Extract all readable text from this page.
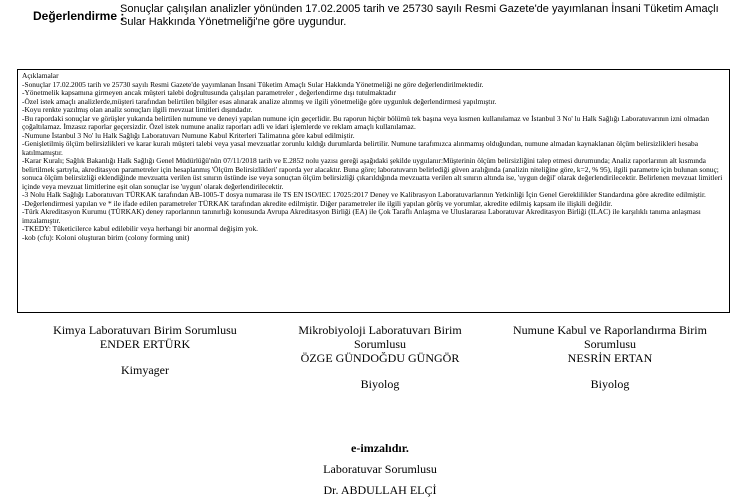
Değerlendirme :
Sonuçlar çalışılan analizler yönünden 17.02.2005 tarih ve 25730 sayılı Resmi Gazete'de yayımlanan İnsani Tüketim Amaçlı Sular Hakkında Yönetmeliği'ne göre uygundur.
Açıklamalar
-Sonuçlar 17.02.2005 tarih ve 25730 sayılı Resmi Gazete'de yayımlanan İnsani Tüketim Amaçlı Sular Hakkında Yönetmeliği ne göre değerlendirilmektedir.
-Yönetmelik kapsamına girmeyen ancak müşteri talebi doğrultusunda çalışılan parametreler , değerlendirme dışı tutulmaktadır
-Özel istek amaçlı analizlerde,müşteri tarafından belirtilen bilgiler esas alınarak analize alınmış ve ilgili yönetmeliğe göre uygunluk değerlendirmesi yapılmıştır.
-Koyu renkte yazılmış olan analiz sonuçları ilgili mevzuat limitleri dışındadır.
-Bu rapordaki sonuçlar ve görüşler yukarıda belirtilen numune ve deneyi yapılan numune için geçerlidir. Bu raporun hiçbir bölümü tek başına veya kısmen kullanılamaz ve İstanbul 3 No' lu Halk Sağlığı Laboratuvarının izni olmadan çoğaltılamaz. İmzasız raporlar geçersizdir. Özel istek numune analiz raporları adli ve idari işlemlerde ve reklam amaçlı kullanılamaz.
-Numune İstanbul 3 No' lu Halk Sağlığı Laboratuvarı Numune Kabul Kriterleri Talimatına göre kabul edilmiştir.
-Genişletilmiş ölçüm belirsizlikleri ve karar kuralı müşteri talebi veya yasal mevzuatlar zorunlu kıldığı durumlarda belirtilir. Numune tarafımızca alınmamış olduğundan, numune almadan kaynaklanan ölçüm belirsizlikleri hesaba katılmamıştır.
-Karar Kuralı; Sağlık Bakanlığı Halk Sağlığı Genel Müdürlüğü'nün 07/11/2018 tarih ve E.2852 nolu yazısı gereği aşağıdaki şekilde uygulanır:Müşterinin ölçüm belirsizliğini talep etmesi durumunda; Analiz raporlarının alt kısmında belirtilmek şartıyla, akreditasyon parametreler için hesaplanmış 'Ölçüm Belirsizlikleri' raporda yer alacaktır. Buna göre; laboratuvarın belirlediği güven aralığında (analizin niteliğine göre, k=2, % 95), ilgili parametre için bulunan sonuç; sonuca ölçüm belirsizliği eklendiğinde mevzuatta verilen üst sınırın üstünde ise veya sonuçtan ölçüm belirsizliği çıkarıldığında mevzuatta verilen alt sınırın altında ise, 'uygun değil' olarak değerlendirilecektir. Belirlenen mevzuat limitleri içinde veya mevzuat limitlerine eşit olan sonuçlar ise 'uygun' olarak değerlendirilecektir.
-3 Nolu Halk Sağlığı Laboratuvarı TÜRKAK tarafından AB-1005-T dosya numarası ile TS EN ISO/IEC 17025:2017 Deney ve Kalibrasyon Laboratuvarlarının Yetkinliği İçin Genel Gereklilikler Standardına göre akredite edilmiştir.
-Değerlendirmesi yapılan ve * ile ifade edilen parametreler TÜRKAK tarafından akredite edilmiştir. Diğer parametreler ile ilgili yapılan görüş ve yorumlar, akredite edilmiş kapsam ile ilişkili değildir.
-Türk Akreditasyon Kurumu (TÜRKAK) deney raporlarının tanınırlığı konusunda Avrupa Akreditasyon Birliği (EA) ile Çok Taraflı Anlaşma ve Uluslararası Laboratuvar Akreditasyon Birliği (ILAC) ile karşılıklı tanıma anlaşması imzalamıştır.
-TKEDY: Tüketicilerce kabul edilebilir veya herhangi bir anormal değişim yok.
-kob (cfu): Koloni oluşturan birim (colony forming unit)
Kimya Laboratuvarı Birim Sorumlusu
ENDER ERTÜRK
Kimyager
Mikrobiyoloji Laboratuvarı Birim Sorumlusu
ÖZGE GÜNDOĞDU GÜNGÖR
Biyolog
Numune Kabul ve Raporlandırma Birim Sorumlusu
NESRİN ERTAN
Biyolog
e-imzalıdır.
Laboratuvar Sorumlusu
Dr. ABDULLAH ELÇİ
